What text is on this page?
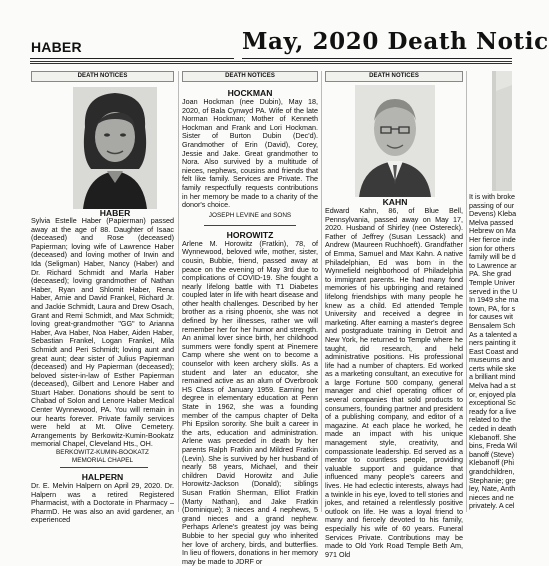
HABER	May, 2020 Death Notic
DEATH NOTICES

HABER

Sylvia Estelle Haber (Papierman) passed away at the age of 88. Daughter of Isaac (deceased) and Rose (deceased) Papierman; loving wife of Lawrence Haber (deceased) and loving mother of Irwin and Ida (Seligman) Haber, Nancy (Haber) and Dr. Richard Schmidt and Marla Haber (deceased); loving grandmother of Nathan Haber, Ryan and Shlomit Haber, Rena Haber, Arnie and David Frankel, Richard Jr. and Jackie Schmidt, Laura and Drew Osach, Grant and Remi Schmidt, and Max Schmidt; loving great-grandmother "GG" to Arianna Haber, Ava Haber, Noa Haber, Aiden Haber, Sebastian Frankel, Logan Frankel, Mila Schmidt and Peri Schmidt; loving aunt and great aunt; dear sister of Julius Papierman (deceased) and Hy Papierman (deceased); beloved sister-in-law of Esther Papierman (deceased), Gilbert and Lenore Haber and Stuart Haber. Donations should be sent to Chabad of Solon and Lenore Haber Medical Center Wynnewood, PA. You will remain in our hearts forever. Private family services were held at Mt. Olive Cemetery. Arrangements by Berkowitz-Kumin-Bookatz memorial Chapel, Cleveland Hts., OH.

BERKOWITZ-KUMIN-BOOKATZ

MEMORIAL CHAPEL

HALPERN

Dr. E. Melvin Halpern on April 29, 2020. Dr. Halpern was a retired Registered Pharmacist, with a Doctorate in Pharmacy – PharmD. He was also an avid gardener, an experienced

DEATH NOTICES

HOCKMAN

Joan Hockman (nee Dubin), May 18, 2020, of Bala Cynwyd PA. Wife of the late Norman Hockman; Mother of Kenneth Hockman and Frank and Lori Hockman. Sister of Burton Dubin (Dec'd). Grandmother of Erin (David), Corey, Jessie and Jake. Great grandmother to Nora. Also survived by a multitude of nieces, nephews, cousins and friends that felt like family. Services are Private. The family respectfully requests contributions in her memory be made to a charity of the donor's choice.

JOSEPH LEVINE and SONS

HOROWITZ

Arlene M. Horowitz (Fratkin), 78, of Wynnewood, beloved wife, mother, sister, cousin, Bubbie, friend, passed away at peace on the evening of May 3rd due to complications of COVID-19. She fought a nearly lifelong battle with T1 Diabetes coupled later in life with heart disease and other health challenges. Described by her brother as a rising phoenix, she was not defined by her illnesses, rather we will remember her for her humor and strength. An animal lover since birth, her childhood summers were fondly spent at Pinemere Camp where she went on to become a counselor with keen archery skills. As a student and later an educator, she remained active as an alum of Overbrook HS Class of January 1959. Earning her degree in elementary education at Penn State in 1962, she was a founding member of the campus chapter of Delta Phi Epsilon sorority. She built a career in the arts, education and administration. Arlene was preceded in death by her parents Ralph Fratkin and Mildred Fratkin (Levin). She is survived by her husband of nearly 58 years, Michael, and their children David Horowitz and Julie Horowitz-Jackson (Donald); siblings Susan Fratkin Sherman, Elliot Fratkin (Marty Nathan), and Jake Fratkin (Dominique); 3 nieces and 4 nephews, 5 grand nieces and a grand nephew. Perhaps Arlene's greatest joy was being Bubbie to her special guy who inherited her love of archery, birds, and butterflies. In lieu of flowers, donations in her memory may be made to JDRF or

DEATH NOTICES

KAHN

Edward Kahn, 86, of Blue Bell, Pennsylvania, passed away on May 17, 2020. Husband of Shirley (nee Ostereck). Father of Jeffrey (Susan Lessack) and Andrew (Maureen Ruchhoeft). Grandfather of Emma, Samuel and Max Kahn. A native Philadelphian, Ed was born in the Wynnefield neighborhood of Philadelphia to immigrant parents. He had many fond memories of his upbringing and retained lifelong friendships with many people he knew as a child. Ed attended Temple University and received a degree in marketing. After earning a master's degree and postgraduate training in Detroit and New York, he returned to Temple where he taught, did research, and held administrative positions. His professional life had a number of chapters. Ed worked as a marketing consultant, an executive for a large Fortune 500 company, general manager and chief operating officer of several companies that sold products to consumers, founding partner and president of a publishing company, and editor of a magazine. At each place he worked, he made an impact with his unique management style, creativity, and compassionate leadership. Ed served as a mentor to countless people, providing valuable support and guidance that influenced many people's careers and lives. He had eclectic interests, always had a twinkle in his eye, loved to tell stories and jokes, and retained a relentlessly positive outlook on life. He was a loyal friend to many and fiercely devoted to his family, especially his wife of 60 years. Funeral Services Private. Contributions may be made to Old York Road Temple Beth Am, 971 Old

It is with broke
passing of our
Devens) Kleba
Melva passed
Hebrew on Ma
Her fierce inde
sion for others
family will be d
to Lawrence ar
PA. She grad
Temple Univer
served in the U
In 1949 she ma
town, PA, for s
for causes wit
Bensalem Sch
As a talented a
ners painting it
East Coast and
museums and
certs while ske
a brilliant mind
Melva had a st
or, enjoyed pla
exceptional Sc
ready for a live
related to the
ceded in death
Klebanoff. She
bins, Freda Wil
banoff (Steve)
Klebanoff (Phi
grandchildren,
Stephanie; gre
ley, Nate, Anth
nieces and ne
privately. A cel
